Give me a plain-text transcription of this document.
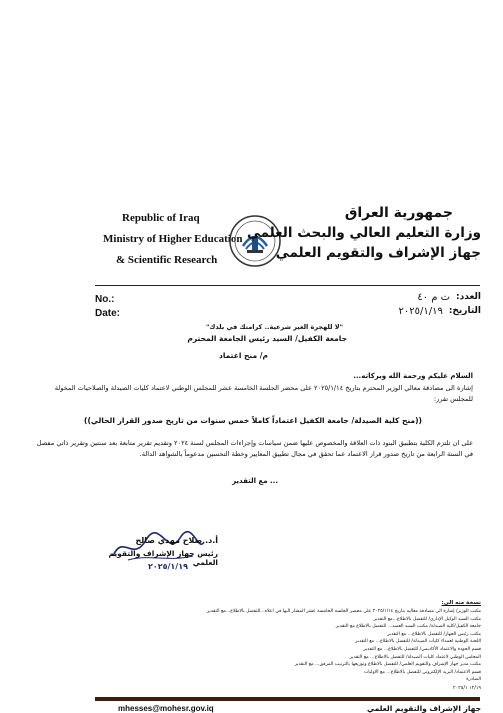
Republic of Iraq
Ministry of Higher Education
& Scientific Research
جمهورية العراق
وزارة التعليم العالي والبحث العلمي
جهاز الإشراف والتقويم العلمي
No.:
Date:
العدد:
ت م ٤٠
التاريخ:
٢٠٢٥/١/١٩
"لا للهجرة الغير شرعية.. كرامتك في بلدك"
جامعة الكفيل/ السيد رئيس الجامعة المحترم
م/ منح اعتماد
السلام عليكم ورحمة الله وبركاته...
إشارة الى مصادقة معالي الوزير المحترم بتاريخ ٢٠٢٥/١/١٤ على محضر الجلسة الخامسة عشر للمجلس الوطني لاعتماد كليات الصيدلة والصلاحيات المخولة للمجلس تقرر:
((منح كلية الصيدلة/ جامعة الكفيل اعتماداً كاملاً خمس سنوات من تاريخ صدور القرار الحالي))
على ان تلتزم الكلية بتطبيق البنود ذات العلاقة والمخصوص عليها ضمن سياسات وإجراءات المجلس لسنة ٢٠٢٤ وتقديم تقرير متابعة بعد سنتين وتقرير ذاتي مفصل في السنة الرابعة من تاريخ صدور قرار الاعتماد عما تحقق في مجال تطبيق المعايير وخطة التحسين مدعوماً بالشواهد الدالة.
... مع التقدير
أ.د. صلاح مهدي صالح
رئيس جهاز الإشراف والتقويم العلمي
٢٠٢٥/١/١٩
نسخة منه الى:
مكتب الوزير/ إشارة الى مصادقة معاليه بتاريخ ٢٠٢٥/١/١٤ على محضر الجلسة الخامسة عشر المشار اليها في اعلاه...للتفضل بالاطلاع...مع التقدير
مكتب السيد الوكيل الإداري/ للتفضل بالاطلاع...مع التقدير
جامعة الكفيل/كلية الصيدلة/ مكتب السيد العميد... للتفضل بالاطلاع مع التقدير
مكتب رئيس الجهاز/ للتفضل بالاطلاع... مع التقدير
اللجنة الوطنية لعمداء كليات الصيدلة/ للتفضل بالاطلاع... مع التقدير
قسم الجودة والاعتماد الأكاديمي/ للتفضل بالاطلاع... مع التقدير
المجلس الوطني لاعتماد كليات الصيدلة/ للتفضل بالاطلاع... مع التقدير
مكتب مدير جهاز الإشراف والتقويم العلمي/ للتفضل بالاطلاع وتوزيعها بالترتيب المرفق... مع التقدير
قسم الاعتماد/ البريد الإلكتروني للتفضل بالاطلاع... مع الاوليات
الصادرة
١٢/١٩ ٢٠٢٥/١
mhesses@mohesr.gov.iq	جهاز الإشراف والتقويم العلمي
